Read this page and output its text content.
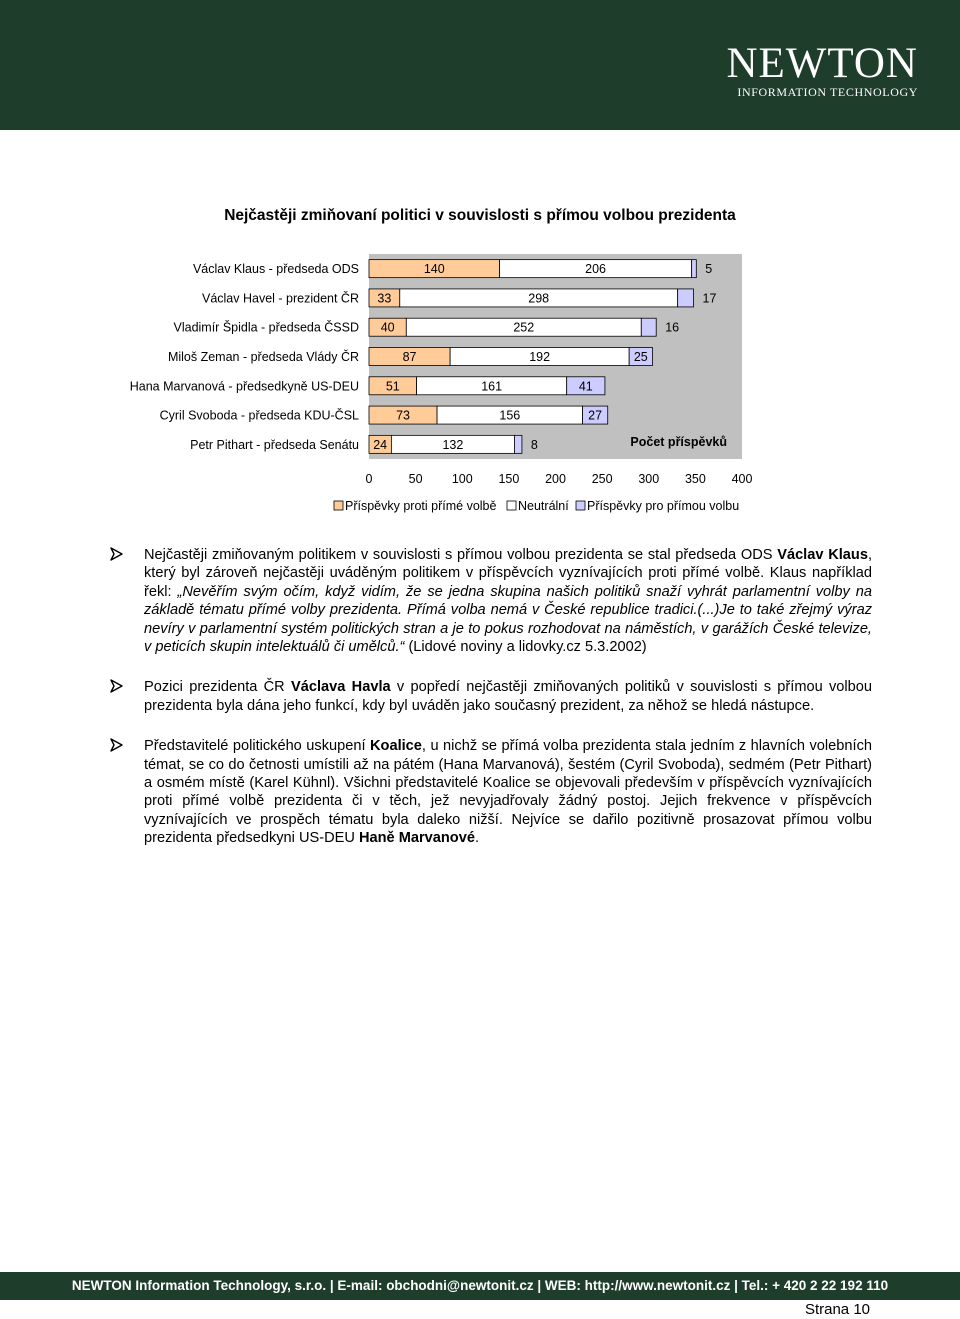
NEWTON
INFORMATION TECHNOLOGY
Nejčastěji zmiňovaní politici v souvislosti s přímou volbou prezidenta
Václav Klaus - předseda ODS	140	206	5
Václav Havel - prezident ČR 33	298	17
Vladimír Špidla - předseda ČSSD 40	252	16
Miloš Zeman - předseda Vlády ČR	87	192	25
Hana Marvanová - předsedkyně US-DEU 51	161	41
Cyril Svoboda - předseda KDU-ČSL	73	156	27
Petr Pithart - předseda Senátu 24	132	8	Počet příspěvků
0	50 100 150 200 250 300 350 400
Příspěvky proti přímé volbě Neutrální Příspěvky pro přímou volbu
Nejčastěji zmiňovaným politikem v souvislosti s přímou volbou prezidenta se stal předseda ODS Václav Klaus, který byl zároveň nejčastěji uváděným politikem v příspěvcích vyznívajících proti přímé volbě. Klaus například řekl: „Nevěřím svým očím, když vidím, že se jedna skupina našich politiků snaží vyhrát parlamentní volby na základě tématu přímé volby prezidenta. Přímá volba nemá v České republice tradici.(...)Je to také zřejmý výraz nevíry v parlamentní systém politických stran a je to pokus rozhodovat na náměstích, v garážích České televize, v peticích skupin intelektuálů či umělců.“ (Lidové noviny a lidovky.cz 5.3.2002)
Pozici prezidenta ČR Václava Havla v popředí nejčastěji zmiňovaných politiků v souvislosti s přímou volbou prezidenta byla dána jeho funkcí, kdy byl uváděn jako současný prezident, za něhož se hledá nástupce.
Představitelé politického uskupení Koalice, u nichž se přímá volba prezidenta stala jedním z hlavních volebních témat, se co do četnosti umístili až na pátém (Hana Marvanová), šestém (Cyril Svoboda), sedmém (Petr Pithart) a osmém místě (Karel Kühnl). Všichni představitelé Koalice se objevovali především v příspěvcích vyznívajících proti přímé volbě prezidenta či v těch, jež nevyjadřovaly žádný postoj. Jejich frekvence v příspěvcích vyznívajících ve prospěch tématu byla daleko nižší. Nejvíce se dařilo pozitivně prosazovat přímou volbu prezidenta předsedkyni US-DEU Haně Marvanové.
NEWTON Information Technology, s.r.o. | E-mail: obchodni@newtonit.cz | WEB: http://www.newtonit.cz | Tel.: + 420 2 22 192 110
Strana 10
